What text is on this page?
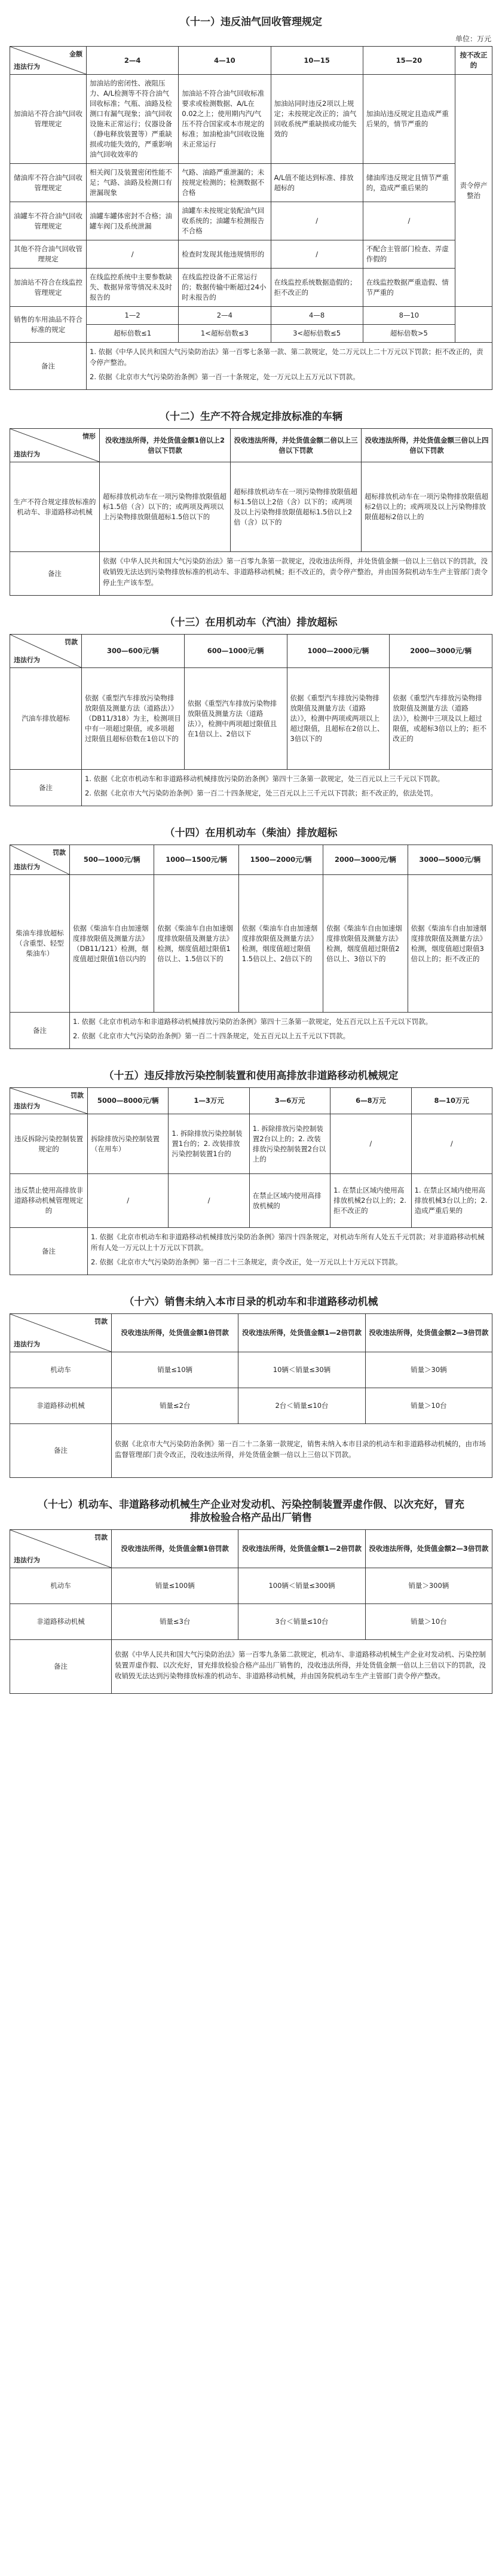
（十一）违反油气回收管理规定
单位：万元
金额
违法行为	2—4	4—10	10—15	15—20	按不改正的
加油站不符合油气回收管理规定	加油站的密闭性、液阻压力、A/L检测等不符合油气回收标准；气瓶、油路及检测口有漏气现象；油气回收设施未正常运行；仪器设备（静电释放装置等）严重缺损或功能失效的，严重影响油气回收效率的	加油站不符合油气回收标准要求或检测数据、A/L在0.02之上；使用期内汽/气压不符合国家或本市规定的标准；加油枪油气回收设施未正常运行	加油站同时违反2项以上规定；未按规定改正的；油气回收系统严重缺损或功能失效的	加油站违反规定且造成严重后果的，情节严重的	责令停产整治
储油库不符合油气回收管理规定	相关阀门及装置密闭性能不足；气路、油路及检测口有泄漏现象	气路、油路严重泄漏的；未按规定检测的；检测数据不合格	A/L值不能达到标准、排放超标的	储油库违反规定且情节严重的，造成严重后果的	
油罐车不符合油气回收管理规定	油罐车罐体密封不合格；油罐车阀门及系统泄漏	油罐车未按规定装配油气回收系统的；油罐车检测报告不合格	/	/	
其他不符合油气回收管理规定	/	检查时发现其他违规情形的	/	不配合主管部门检查、弄虚作假的	
加油站不符合在线监控管理规定	在线监控系统中主要参数缺失、数据异常等情况未及时报告的	在线监控设备不正常运行的；数据传输中断超过24小时未报告的	在线监控系统数据造假的；拒不改正的	在线监控数据严重造假、情节严重的	
销售的车用油品不符合标准的规定	1—2	2—4	4—8	8—10	
	超标倍数≤1	1<超标倍数≤3	3<超标倍数≤5	超标倍数>5	
备注	1. 依据《中华人民共和国大气污染防治法》第一百零七条第一款、第二款规定，处二万元以上二十万元以下罚款；拒不改正的，责令停产整治。

2. 依据《北京市大气污染防治条例》第一百一十条规定，处一万元以上五万元以下罚款。				

（十二）生产不符合规定排放标准的车辆
情形
违法行为	没收违法所得，并处货值金额1倍以上2倍以下罚款	没收违法所得，并处货值金额二倍以上三倍以下罚款	没收违法所得，并处货值金额三倍以上四倍以下罚款
生产不符合规定排放标准的机动车、非道路移动机械	超标排放机动车在一项污染物排放限值超标1.5倍（含）以下的；或两项及两项以上污染物排放限值超标1.5倍以下的	超标排放机动车在一项污染物排放限值超标1.5倍以上2倍（含）以下的；或两项及以上污染物排放限值超标1.5倍以上2倍（含）以下的	超标排放机动车在一项污染物排放限值超标2倍以上的；或两项及以上污染物排放限值超标2倍以上的
备注	依据《中华人民共和国大气污染防治法》第一百零九条第一款规定，没收违法所得，并处货值金额一倍以上三倍以下的罚款，没收销毁无法达到污染物排放标准的机动车、非道路移动机械；拒不改正的，责令停产整治，并由国务院机动车生产主管部门责令停止生产该车型。		

（十三）在用机动车（汽油）排放超标
罚款
违法行为	300—600元/辆	600—1000元/辆	1000—2000元/辆	2000—3000元/辆
汽油车排放超标	依据《重型汽车排放污染物排放限值及测量方法（道路法）》（DB11/318）为主，检测项目中有一项超过限值，或多项超过限值且超标倍数在1倍以下的	依据《重型汽车排放污染物排放限值及测量方法（道路法）》，检测中两项超过限值且在1倍以上、2倍以下	依据《重型汽车排放污染物排放限值及测量方法（道路法）》，检测中两项或两项以上超过限值，且超标在2倍以上、3倍以下的	依据《重型汽车排放污染物排放限值及测量方法（道路法）》，检测中三项及以上超过限值，或超标3倍以上的；拒不改正的
备注	1. 依据《北京市机动车和非道路移动机械排放污染防治条例》第四十三条第一款规定，处三百元以上三千元以下罚款。

2. 依据《北京市大气污染防治条例》第一百二十四条规定，处三百元以上三千元以下罚款；拒不改正的，依法处罚。			

（十四）在用机动车（柴油）排放超标
罚款
违法行为	500—1000元/辆	1000—1500元/辆	1500—2000元/辆	2000—3000元/辆	3000—5000元/辆
柴油车排放超标（含重型、轻型柴油车）	依据《柴油车自由加速烟度排放限值及测量方法》（DB11/121）检测，烟度值超过限值1倍以内的	依据《柴油车自由加速烟度排放限值及测量方法》检测，烟度值超过限值1倍以上、1.5倍以下的	依据《柴油车自由加速烟度排放限值及测量方法》检测，烟度值超过限值1.5倍以上、2倍以下的	依据《柴油车自由加速烟度排放限值及测量方法》检测，烟度值超过限值2倍以上、3倍以下的	依据《柴油车自由加速烟度排放限值及测量方法》检测，烟度值超过限值3倍以上的；拒不改正的
备注	1. 依据《北京市机动车和非道路移动机械排放污染防治条例》第四十三条第一款规定，处五百元以上五千元以下罚款。

2. 依据《北京市大气污染防治条例》第一百二十四条规定，处五百元以上五千元以下罚款。				

（十五）违反排放污染控制装置和使用高排放非道路移动机械规定
罚款
违法行为	5000—8000元/辆	1—3万元	3—6万元	6—8万元	8—10万元
违反拆除污染控制装置规定的	拆除排放污染控制装置（在用车）	1. 拆除排放污染控制装置1台的；2. 改装排放污染控制装置1台的	1. 拆除排放污染控制装置2台以上的；2. 改装排放污染控制装置2台以上的	/	/
违反禁止使用高排放非道路移动机械管理规定的	/	/	在禁止区域内使用高排放机械的	1. 在禁止区域内使用高排放机械2台以上的；2. 拒不改正的	1. 在禁止区域内使用高排放机械3台以上的；2. 造成严重后果的
备注	1. 依据《北京市机动车和非道路移动机械排放污染防治条例》第四十四条规定，对机动车所有人处五千元罚款；对非道路移动机械所有人处一万元以上十万元以下罚款。

2. 依据《北京市大气污染防治条例》第一百二十三条规定，责令改正，处一万元以上十万元以下罚款。				

（十六）销售未纳入本市目录的机动车和非道路移动机械
罚款
违法行为	没收违法所得，处货值金额1倍罚款	没收违法所得，处货值金额1—2倍罚款	没收违法所得，处货值金额2—3倍罚款
机动车	销量≤10辆	10辆＜销量≤30辆	销量＞30辆
非道路移动机械	销量≤2台	2台＜销量≤10台	销量＞10台
备注	依据《北京市大气污染防治条例》第一百二十二条第一款规定，销售未纳入本市目录的机动车和非道路移动机械的，由市场监督管理部门责令改正，没收违法所得，并处货值金额一倍以上三倍以下罚款。		

（十七）机动车、非道路移动机械生产企业对发动机、污染控制装置弄虚作假、以次充好，冒充排放检验合格产品出厂销售
罚款
违法行为	没收违法所得，处货值金额1倍罚款	没收违法所得，处货值金额1—2倍罚款	没收违法所得，处货值金额2—3倍罚款
机动车	销量≤100辆	100辆＜销量≤300辆	销量＞300辆
非道路移动机械	销量≤3台	3台＜销量≤10台	销量＞10台
备注	依据《中华人民共和国大气污染防治法》第一百零九条第二款规定，机动车、非道路移动机械生产企业对发动机、污染控制装置弄虚作假、以次充好，冒充排放检验合格产品出厂销售的，没收违法所得，并处货值金额一倍以上三倍以下的罚款，没收销毁无法达到污染物排放标准的机动车、非道路移动机械，并由国务院机动车生产主管部门责令停产整改。		
